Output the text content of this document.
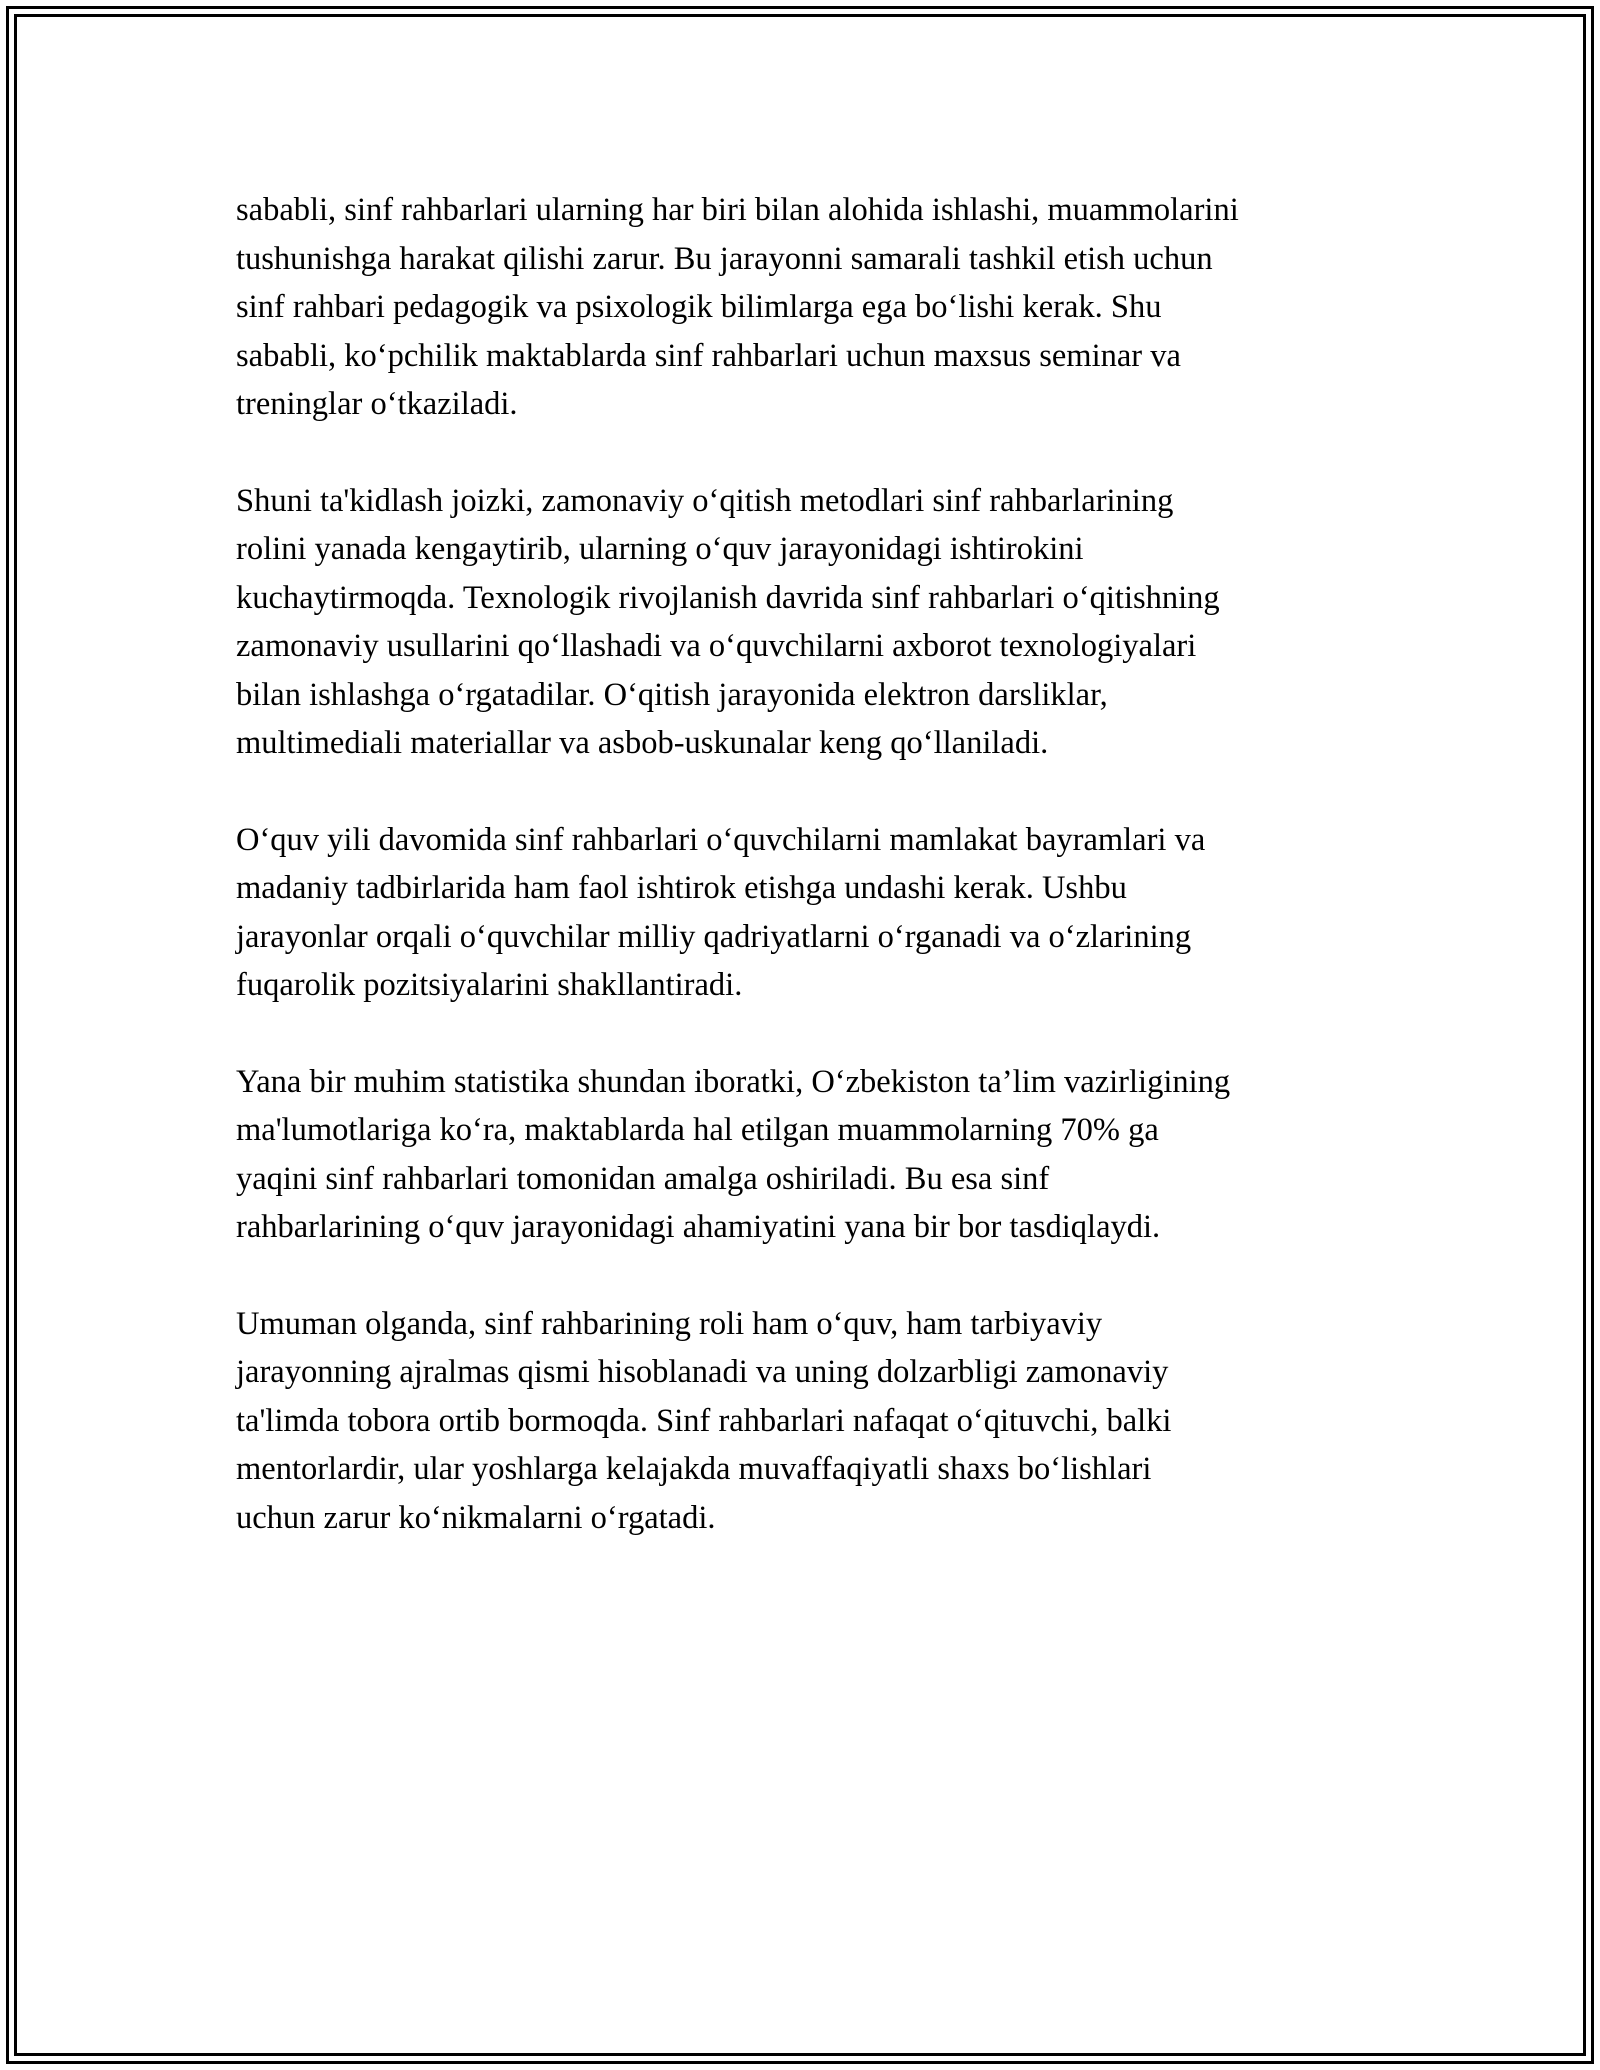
sababli, sinf rahbarlari ularning har biri bilan alohida ishlashi, muammolarini
tushunishga harakat qilishi zarur. Bu jarayonni samarali tashkil etish uchun
sinf rahbari pedagogik va psixologik bilimlarga ega bo‘lishi kerak. Shu
sababli, ko‘pchilik maktablarda sinf rahbarlari uchun maxsus seminar va
treninglar o‘tkaziladi.

Shuni ta'kidlash joizki, zamonaviy o‘qitish metodlari sinf rahbarlarining
rolini yanada kengaytirib, ularning o‘quv jarayonidagi ishtirokini
kuchaytirmoqda. Texnologik rivojlanish davrida sinf rahbarlari o‘qitishning
zamonaviy usullarini qo‘llashadi va o‘quvchilarni axborot texnologiyalari
bilan ishlashga o‘rgatadilar. O‘qitish jarayonida elektron darsliklar,
multimediali materiallar va asbob-uskunalar keng qo‘llaniladi.

O‘quv yili davomida sinf rahbarlari o‘quvchilarni mamlakat bayramlari va
madaniy tadbirlarida ham faol ishtirok etishga undashi kerak. Ushbu
jarayonlar orqali o‘quvchilar milliy qadriyatlarni o‘rganadi va o‘zlarining
fuqarolik pozitsiyalarini shakllantiradi.

Yana bir muhim statistika shundan iboratki, O‘zbekiston ta’lim vazirligining
ma'lumotlariga ko‘ra, maktablarda hal etilgan muammolarning 70% ga
yaqini sinf rahbarlari tomonidan amalga oshiriladi. Bu esa sinf
rahbarlarining o‘quv jarayonidagi ahamiyatini yana bir bor tasdiqlaydi.

Umuman olganda, sinf rahbarining roli ham o‘quv, ham tarbiyaviy
jarayonning ajralmas qismi hisoblanadi va uning dolzarbligi zamonaviy
ta'limda tobora ortib bormoqda. Sinf rahbarlari nafaqat o‘qituvchi, balki
mentorlardir, ular yoshlarga kelajakda muvaffaqiyatli shaxs bo‘lishlari
uchun zarur ko‘nikmalarni o‘rgatadi.
